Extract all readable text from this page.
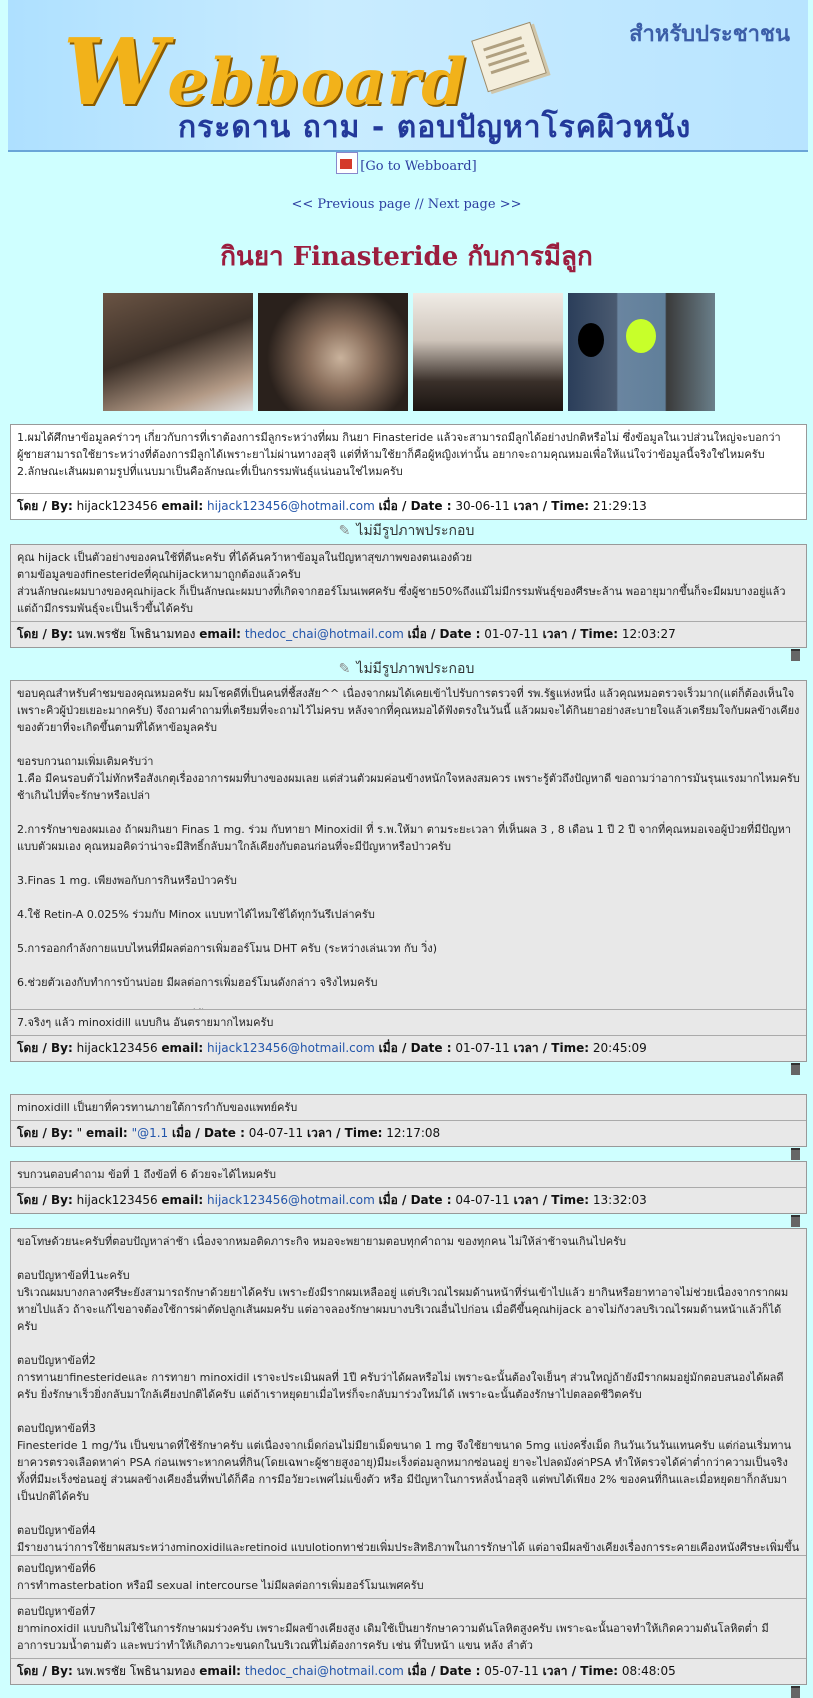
Webboard
สำหรับประชาชน
กระดาน ถาม - ตอบปัญหาโรคผิวหนัง
[Go to Webboard]
<< Previous page // Next page >>
กินยา Finasteride กับการมีลูก
1.ผมได้ศึกษาข้อมูลคร่าวๆ เกี่ยวกับการที่เราต้องการมีลูกระหว่างที่ผม กินยา Finasteride แล้วจะสามารถมีลูกได้อย่างปกติหรือไม่ ซึ่งข้อมูลในเวปส่วนใหญ่จะบอกว่าผู้ชายสามารถใช้ยาระหว่างที่ต้องการมีลูกได้เพราะยาไม่ผ่านทางอสุจิ แต่ที่ห้ามใช้ยาก็คือผู้หญิงเท่านั้น อยากจะถามคุณหมอเพื่อให้แน่ใจว่าข้อมูลนี้จริงใช่ไหมครับ 2.ลักษณะเส้นผมตามรูปที่แนบมาเป็นคือลักษณะที่เป็นกรรมพันธุ์แน่นอนใช่ไหมครับ
โดย / By: hijack123456 email: hijack123456@hotmail.com เมื่อ / Date : 30-06-11 เวลา / Time: 21:29:13
✎ ไม่มีรูปภาพประกอบ
คุณ hijack เป็นตัวอย่างของคนใช้ที่ดีนะครับ ที่ได้ค้นคว้าหาข้อมูลในปัญหาสุขภาพของตนเองด้วย
ตามข้อมูลของfinesterideที่คุณhijackหามาถูกต้องแล้วครับ
ส่วนลักษณะผมบางของคุณhijack ก็เป็นลักษณะผมบางที่เกิดจากฮอร์โมนเพศครับ ซึ่งผู้ชาย50%ถึงแม้ไม่มีกรรมพันธุ์ของศีรษะล้าน พออายุมากขึ้นก็จะมีผมบางอยู่แล้ว แต่ถ้ามีกรรมพันธุ์จะเป็นเร็วขึ้นได้ครับ
โดย / By: นพ.พรชัย โพธินามทอง email: thedoc_chai@hotmail.com เมื่อ / Date : 01-07-11 เวลา / Time: 12:03:27
✎ ไม่มีรูปภาพประกอบ
ขอบคุณสำหรับคำชมของคุณหมอครับ ผมโชคดีที่เป็นคนที่ชี้สงสัย^^ เนื่องจากผมได้เคยเข้าไปรับการตรวจที่ รพ.รัฐแห่งหนึ่ง แล้วคุณหมอตรวจเร็วมาก(แต่ก็ต้องเห็นใจเพราะคิวผู้ป่วยเยอะมากครับ) จึงถามคำถามที่เตรียมที่จะถามไว้ไม่ครบ หลังจากที่คุณหมอได้ฟังตรงในวันนี้ แล้วผมจะได้กินยาอย่างสะบายใจแล้วเตรียมใจกับผลข้างเคียงของตัวยาที่จะเกิดขึ้นตามที่ได้หาข้อมูลครับ

ขอรบกวนถามเพิ่มเติมครับว่า
1.คือ มีคนรอบตัวไม่ทักหรือสังเกตุเรื่องอาการผมที่บางของผมเลย แต่ส่วนตัวผมค่อนข้างหนักใจหลงสมควร เพราะรู้ตัวถึงปัญหาดี ขอถามว่าอาการมันรุนแรงมากไหมครับ ช้าเกินไปที่จะรักษาหรือเปล่า

2.การรักษาของผมเอง ถ้าผมกินยา Finas 1 mg. ร่วม กับทายา Minoxidil ที่ ร.พ.ให้มา ตามระยะเวลา ที่เห็นผล 3 , 8 เดือน 1 ปี 2 ปี จากที่คุณหมอเจอผู้ป่วยที่มีปัญหาแบบตัวผมเอง คุณหมอคิดว่าน่าจะมีสิทธิ์กลับมาใกล้เคียงกับตอนก่อนที่จะมีปัญหาหรือป่าวครับ

3.Finas 1 mg. เพียงพอกับการกินหรือป่าวครับ

4.ใช้ Retin-A 0.025% ร่วมกับ Minox แบบทาได้ไหมใช้ได้ทุกวันรึเปล่าครับ

5.การออกกำลังกายแบบไหนที่มีผลต่อการเพิ่มฮอร์โมน DHT ครับ (ระหว่างเล่นเวท กับ วิ่ง)

6.ช่วยตัวเองกับทำการบ้านบ่อย มีผลต่อการเพิ่มฮอร์โมนดังกล่าว จริงไหมครับ

7.จริงๆ แล้ว minoxidill แบบกิน อันตรายมากไหมครับ
โดย / By: hijack123456 email: hijack123456@hotmail.com เมื่อ / Date : 01-07-11 เวลา / Time: 20:45:09
minoxidill เป็นยาที่ควรทานภายใต้การกำกับของแพทย์ครับ
โดย / By: " email: "@1.1 เมื่อ / Date : 04-07-11 เวลา / Time: 12:17:08
รบกวนตอบคำถาม ข้อที่ 1 ถึงข้อที่ 6 ด้วยจะได้ไหมครับ
โดย / By: hijack123456 email: hijack123456@hotmail.com เมื่อ / Date : 04-07-11 เวลา / Time: 13:32:03
ขอโทษด้วยนะครับที่ตอบปัญหาล่าช้า เนื่องจากหมอติดภาระกิจ หมอจะพยายามตอบทุกคำถาม ของทุกคน ไม่ให้ล่าช้าจนเกินไปครับ

ตอบปัญหาข้อที่1นะครับ
บริเวณผมบางกลางศรีษะยังสามารถรักษาด้วยยาได้ครับ เพราะยังมีรากผมเหลืออยู่ แต่บริเวณไรผมด้านหน้าที่ร่นเข้าไปแล้ว ยากินหรือยาทาอาจไม่ช่วยเนื่องจากรากผมหายไปแล้ว ถ้าจะแก้ไขอาจต้องใช้การผ่าตัดปลูกเส้นผมครับ แต่อาจลองรักษาผมบางบริเวณอื่นไปก่อน เมื่อดีขึ้นคุณhijack อาจไม่กังวลบริเวณไรผมด้านหน้าแล้วก็ได้ครับ

ตอบปัญหาข้อที่2
การทานยาfinesterideและ การทายา minoxidil เราจะประเมินผลที่ 1ปี ครับว่าได้ผลหรือไม่ เพราะฉะนั้นต้องใจเย็นๆ ส่วนใหญ่ถ้ายังมีรากผมอยู่มักตอบสนองได้ผลดีครับ ยิ่งรักษาเร็วยิ่งกลับมาใกล้เคียงปกติได้ครับ แต่ถ้าเราหยุดยาเมื่อไหร่ก็จะกลับมาร่วงใหม่ได้ เพราะฉะนั้นต้องรักษาไปตลอดชีวิตครับ

ตอบปัญหาข้อที่3
Finesteride 1 mg/วัน เป็นขนาดที่ใช้รักษาครับ แต่เนื่องจากเม็ดก่อนไม่มียาเม็ดขนาด 1 mg จึงใช้ยาขนาด 5mg แบ่งครึ่งเม็ด กินวันเว้นวันแทนครับ แต่ก่อนเริ่มทานยาควรตรวจเลือดหาค่า PSA ก่อนเพราะหากคนที่กิน(โดยเฉพาะผู้ชายสูงอายุ)มีมะเร็งต่อมลูกหมากซ่อนอยู่ ยาจะไปลดมังค่าPSA ทำให้ตรวจได้ค่าต่ำกว่าความเป็นจริง ทั้งที่มีมะเร็งซ่อนอยู่ ส่วนผลข้างเคียงอื่นที่พบได้ก็คือ การมีอวัยวะเพศไม่แข็งตัว หรือ มีปัญหาในการหลั่งน้ำอสุจิ แต่พบได้เพียง 2% ของคนที่กินและเมื่อหยุดยาก็กลับมาเป็นปกติได้ครับ

ตอบปัญหาข้อที่4
มีรายงานว่าการใช้ยาผสมระหว่างminoxidilและretinoid แบบlotionทาช่วยเพิ่มประสิทธิภาพในการรักษาได้ แต่อาจมีผลข้างเคียงเรื่องการระคายเคืองหนังศีรษะเพิ่มขึ้น

ตอบปัญหาข้อที่6
การทำmasterbation หรือมี sexual intercourse ไม่มีผลต่อการเพิ่มฮอร์โมนเพศครับ
ตอบปัญหาข้อที่7
ยาminoxidil แบบกินไม่ใช้ในการรักษาผมร่วงครับ เพราะมีผลข้างเคียงสูง เดิมใช้เป็นยารักษาความดันโลหิตสูงครับ เพราะฉะนั้นอาจทำให้เกิดความดันโลหิตต่ำ มีอาการบวมน้ำตามตัว และพบว่าทำให้เกิดภาวะขนดกในบริเวณที่ไม่ต้องการครับ เช่น ที่ใบหน้า แขน หลัง ลำตัว
โดย / By: นพ.พรชัย โพธินามทอง email: thedoc_chai@hotmail.com เมื่อ / Date : 05-07-11 เวลา / Time: 08:48:05
